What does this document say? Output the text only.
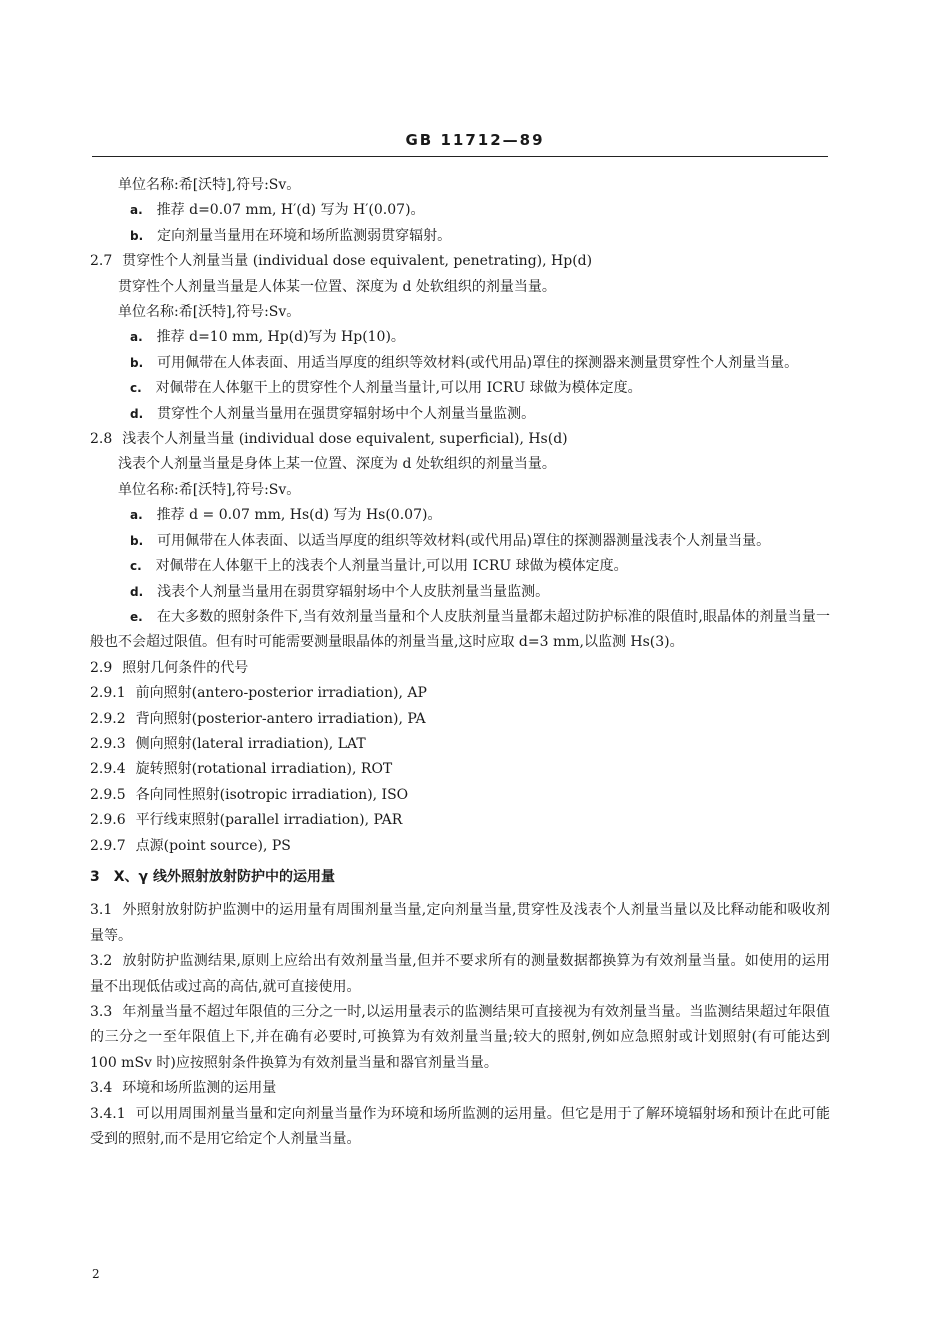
GB 11712—89
单位名称:希[沃特],符号:Sv。
a. 推荐 d=0.07 mm, H′(d) 写为 H′(0.07)。
b. 定向剂量当量用在环境和场所监测弱贯穿辐射。
2.7 贯穿性个人剂量当量 (individual dose equivalent, penetrating), Hp(d)
贯穿性个人剂量当量是人体某一位置、深度为 d 处软组织的剂量当量。
单位名称:希[沃特],符号:Sv。
a. 推荐 d=10 mm, Hp(d)写为 Hp(10)。
b. 可用佩带在人体表面、用适当厚度的组织等效材料(或代用品)罩住的探测器来测量贯穿性个人剂量当量。
c. 对佩带在人体躯干上的贯穿性个人剂量当量计,可以用 ICRU 球做为模体定度。
d. 贯穿性个人剂量当量用在强贯穿辐射场中个人剂量当量监测。
2.8 浅表个人剂量当量 (individual dose equivalent, superficial), Hs(d)
浅表个人剂量当量是身体上某一位置、深度为 d 处软组织的剂量当量。
单位名称:希[沃特],符号:Sv。
a. 推荐 d = 0.07 mm, Hs(d) 写为 Hs(0.07)。
b. 可用佩带在人体表面、以适当厚度的组织等效材料(或代用品)罩住的探测器测量浅表个人剂量当量。
c. 对佩带在人体躯干上的浅表个人剂量当量计,可以用 ICRU 球做为模体定度。
d. 浅表个人剂量当量用在弱贯穿辐射场中个人皮肤剂量当量监测。
e. 在大多数的照射条件下,当有效剂量当量和个人皮肤剂量当量都未超过防护标准的限值时,眼晶体的剂量当量一般也不会超过限值。但有时可能需要测量眼晶体的剂量当量,这时应取 d=3 mm,以监测 Hs(3)。
2.9 照射几何条件的代号
2.9.1 前向照射(antero-posterior irradiation), AP
2.9.2 背向照射(posterior-antero irradiation), PA
2.9.3 侧向照射(lateral irradiation), LAT
2.9.4 旋转照射(rotational irradiation), ROT
2.9.5 各向同性照射(isotropic irradiation), ISO
2.9.6 平行线束照射(parallel irradiation), PAR
2.9.7 点源(point source), PS
3 X、γ 线外照射放射防护中的运用量
3.1 外照射放射防护监测中的运用量有周围剂量当量,定向剂量当量,贯穿性及浅表个人剂量当量以及比释动能和吸收剂量等。
3.2 放射防护监测结果,原则上应给出有效剂量当量,但并不要求所有的测量数据都换算为有效剂量当量。如使用的运用量不出现低估或过高的高估,就可直接使用。
3.3 年剂量当量不超过年限值的三分之一时,以运用量表示的监测结果可直接视为有效剂量当量。当监测结果超过年限值的三分之一至年限值上下,并在确有必要时,可换算为有效剂量当量;较大的照射,例如应急照射或计划照射(有可能达到 100 mSv 时)应按照射条件换算为有效剂量当量和器官剂量当量。
3.4 环境和场所监测的运用量
3.4.1 可以用周围剂量当量和定向剂量当量作为环境和场所监测的运用量。但它是用于了解环境辐射场和预计在此可能受到的照射,而不是用它给定个人剂量当量。
2
